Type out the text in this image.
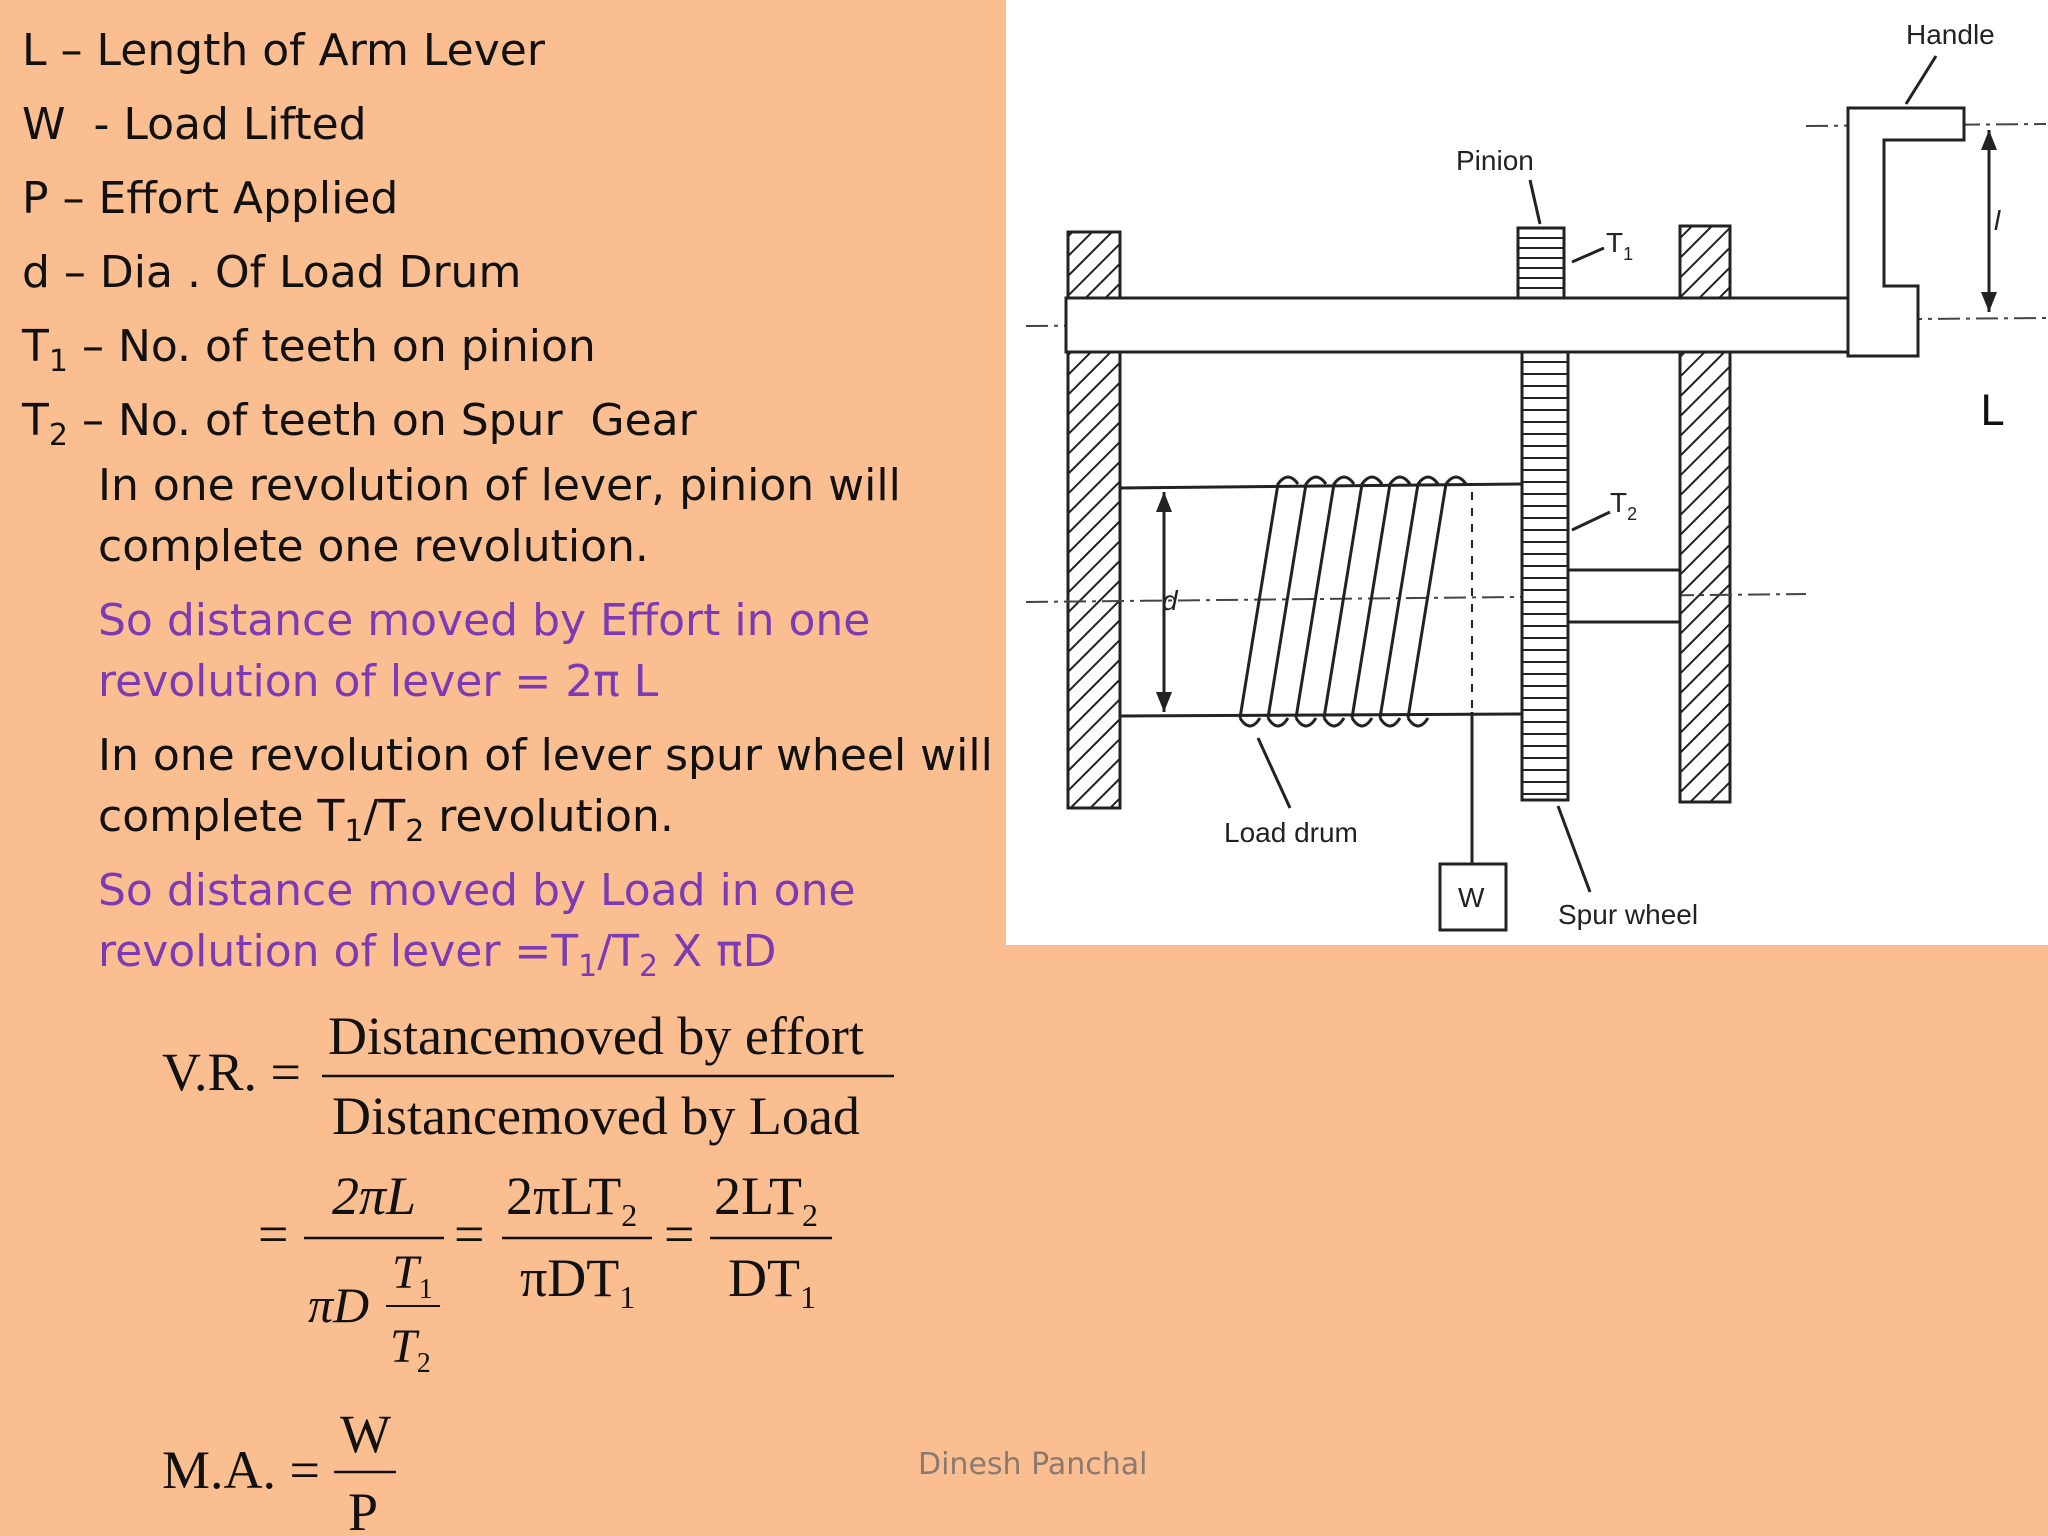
L – Length of Arm Lever
W  - Load Lifted
P – Effort Applied
d – Dia . Of Load Drum
$T_1$ – No. of teeth on pinion
$T_2$ – No. of teeth on Spur  Gear
In one revolution of lever, pinion will
complete one revolution.
So distance moved by Effort in one
revolution of lever = 2π L
In one revolution of lever spur wheel will
complete $T_1/T_2$ revolution.
So distance moved by Load in one
revolution of lever $=T_1/T_2$ X πD
Handle
l
Pinion
$T_1$
$T_2$
Spur wheel
d
Load drum
W
L
V.R. =
Distancemoved by effort
Distancemoved by Load
=
2πL
πD
$T_1$
$T_2$
=
2πLT$_2$
πDT$_1$
=
$2LT_2$
$DT_1$
M.A. =
W
P
Dinesh Panchal
